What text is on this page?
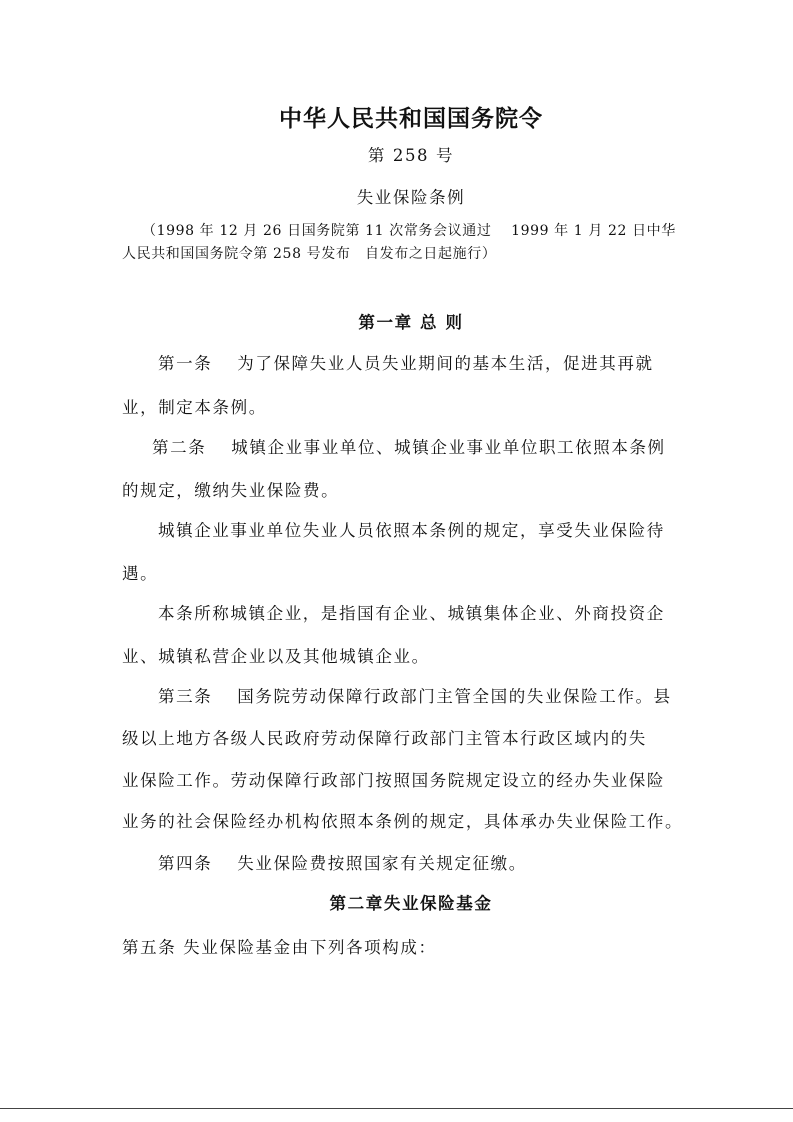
中华人民共和国国务院令
第 258 号
失业保险条例
（1998 年 12 月 26 日国务院第 11 次常务会议通过　 1999 年 1 月 22 日中华
人民共和国国务院令第 258 号发布　自发布之日起施行）
第一章 总 则
第一条　 为了保障失业人员失业期间的基本生活，促进其再就
业，制定本条例。
第二条　 城镇企业事业单位、城镇企业事业单位职工依照本条例
的规定，缴纳失业保险费。
城镇企业事业单位失业人员依照本条例的规定，享受失业保险待
遇。
本条所称城镇企业，是指国有企业、城镇集体企业、外商投资企
业、城镇私营企业以及其他城镇企业。
第三条　 国务院劳动保障行政部门主管全国的失业保险工作。县
级以上地方各级人民政府劳动保障行政部门主管本行政区域内的失
业保险工作。劳动保障行政部门按照国务院规定设立的经办失业保险
业务的社会保险经办机构依照本条例的规定，具体承办失业保险工作。
第四条　 失业保险费按照国家有关规定征缴。
第二章失业保险基金
第五条 失业保险基金由下列各项构成：
